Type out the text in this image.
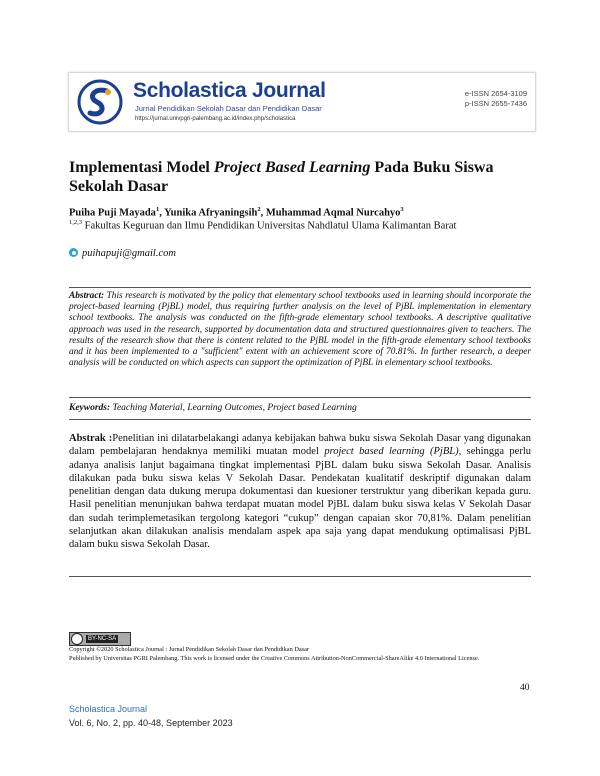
Scholastica Journal
Jurnal Pendidikan Sekolah Dasar dan Pendidikan Dasar
https://jurnal.univpgri-palembang.ac.id/index.php/scholastica
e-ISSN 2654-3109
p-ISSN 2655-7436
Implementasi Model Project Based Learning Pada Buku Siswa Sekolah Dasar
Puiha Puji Mayada$^1$, Yunika Afryaningsih$^2$, Muhammad Aqmal Nurcahyo$^3$
$^{1,2,3}$ Fakultas Keguruan dan Ilmu Pendidikan Universitas Nahdlatul Ulama Kalimantan Barat
puihapuji@gmail.com
Abstract: This research is motivated by the policy that elementary school textbooks used in learning should incorporate the project-based learning (PjBL) model, thus requiring further analysis on the level of PjBL implementation in elementary school textbooks. The analysis was conducted on the fifth-grade elementary school textbooks. A descriptive qualitative approach was used in the research, supported by documentation data and structured questionnaires given to teachers. The results of the research show that there is content related to the PjBL model in the fifth-grade elementary school textbooks and it has been implemented to a "sufficient" extent with an achievement score of 70.81%. In further research, a deeper analysis will be conducted on which aspects can support the optimization of PjBL in elementary school textbooks.
Keywords: Teaching Material, Learning Outcomes, Project based Learning
Abstrak :Penelitian ini dilatarbelakangi adanya kebijakan bahwa buku siswa Sekolah Dasar yang digunakan dalam pembelajaran hendaknya memiliki muatan model project based learning (PjBL), sehingga perlu adanya analisis lanjut bagaimana tingkat implementasi PjBL dalam buku siswa Sekolah Dasar. Analisis dilakukan pada buku siswa kelas V Sekolah Dasar. Pendekatan kualitatif deskriptif digunakan dalam penelitian dengan data dukung merupa dokumentasi dan kuesioner terstruktur yang diberikan kepada guru. Hasil penelitian menunjukan bahwa terdapat muatan model PjBL dalam buku siswa kelas V Sekolah Dasar dan sudah terimplemetasikan tergolong kategori “cukup” dengan capaian skor 70,81%. Dalam penelitian selanjutkan akan dilakukan analisis mendalam aspek apa saja yang dapat mendukung optimalisasi PjBL dalam buku siswa Sekolah Dasar.
BY-NC-SA
Copyright ©2020 Scholastica Journal : Jurnal Pendidikan Sekolah Dasar dan Pendidikan Dasar
Published by Universitas PGRI Palembang. This work is licensed under the Creative Commons Attribution-NonCommercial-ShareAlike 4.0 International License.
40
Scholastica Journal
Vol. 6, No. 2, pp. 40-48, September 2023
